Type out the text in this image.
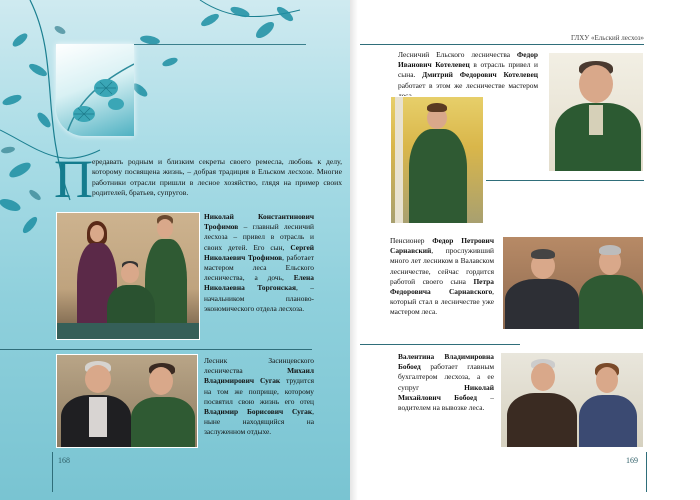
П ередавать родным и близким секреты своего ремесла, любовь к делу, которому посвящена жизнь, – добрая традиция в Ельском лесхозе. Многие работники отрасли пришли в лесное хозяйство, глядя на пример своих родителей, братьев, супругов.
Николай Константинович Трофимов – главный лесничий лесхоза – привел в отрасль и своих детей. Его сын, Сергей Николаевич Трофимов, работает мастером леса Ельского лесничества, а дочь, Елена Николаевна Торгонская, – начальником планово-экономического отдела лесхоза.
Лесник Засинцевского лесничества Михаил Владимирович Сугак трудится на том же поприще, которому посвятил свою жизнь его отец Владимир Борисович Сугак, ныне находящийся на заслуженном отдыхе.
168
ГЛХУ «Ельский лесхоз»
Лесничий Ельского лесничества Федор Иванович Котелевец в отрасль привел и сына. Дмитрий Федорович Котелевец работает в этом же лесничестве мастером
Пенсионер Федор Петрович Сарнавский, прослуживший много лет лесником в Валавском лесничестве, сейчас гордится работой своего сына Петра Федоровича Сарнавского, который стал в лесничестве уже мастером леса.
Валентина Владимировна Бобоед работает главным бухгалтером лесхоза, а ее супруг Николай Михайлович Бобоед – водителем на вывозке леса.
169
